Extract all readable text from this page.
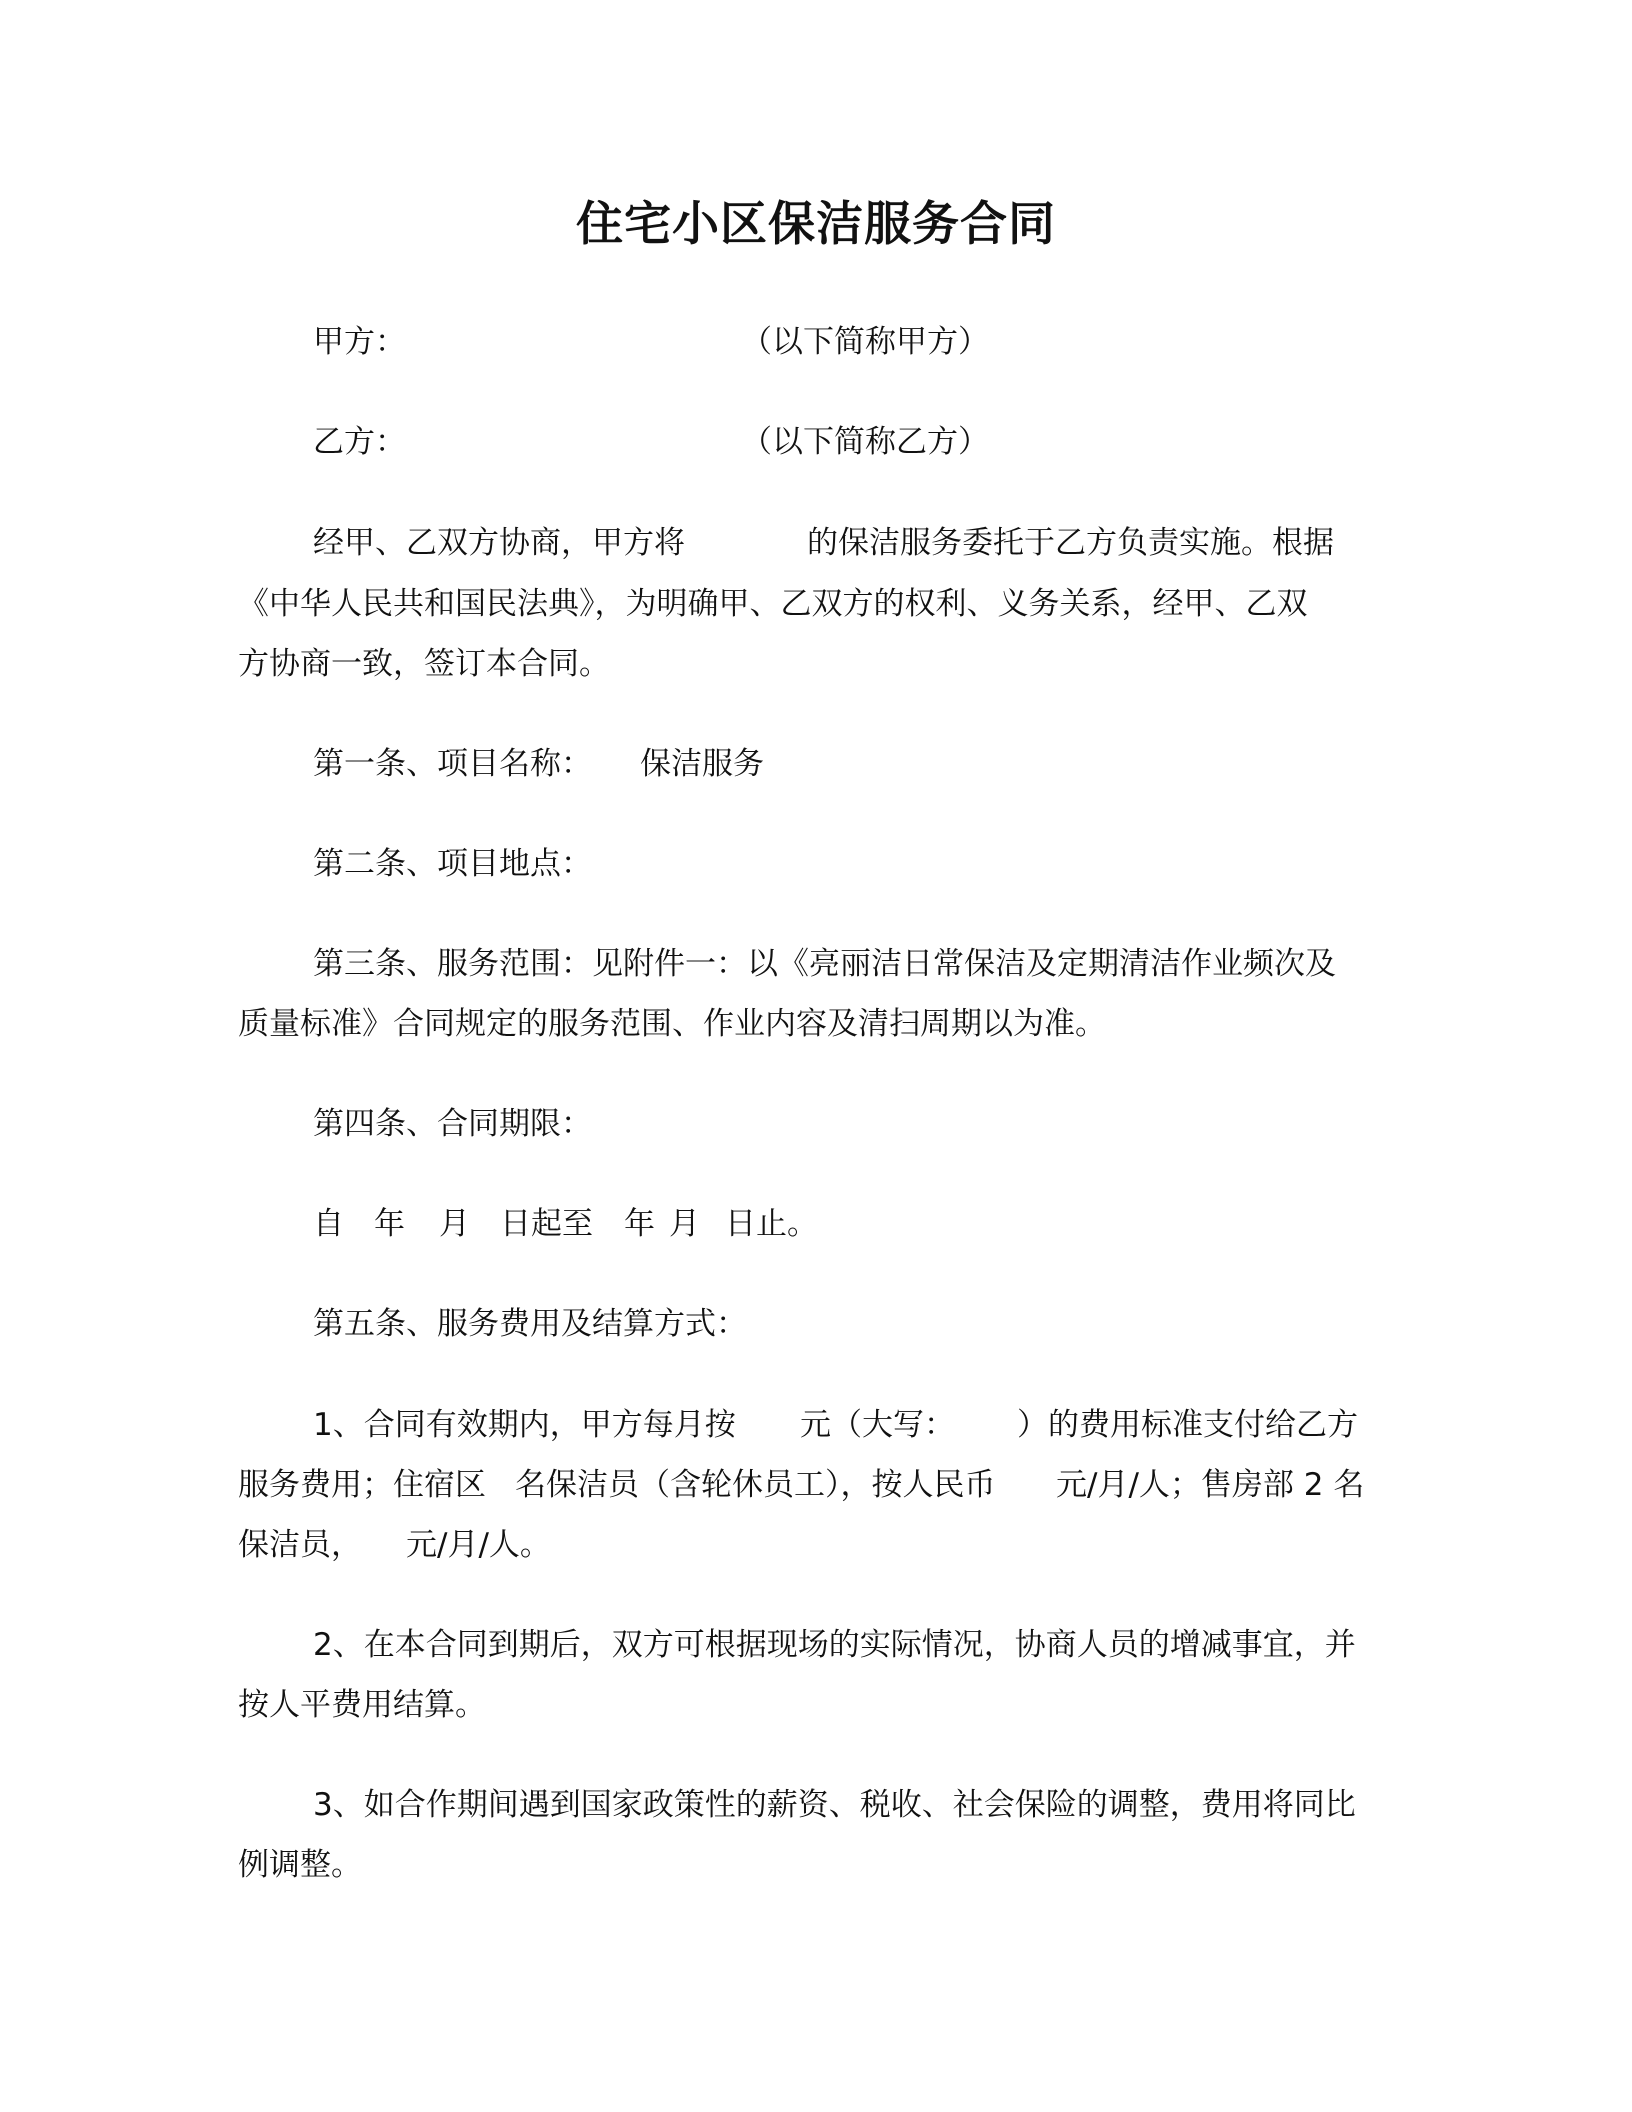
住宅小区保洁服务合同
甲方：	（以下简称甲方）
乙方：	（以下简称乙方）
经甲、乙双方协商，甲方将	的保洁服务委托于乙方负责实施。根据
《中华人民共和国民法典》，为明确甲、乙双方的权利、义务关系，经甲、乙双
方协商一致，签订本合同。
第一条、项目名称： 保洁服务
第二条、项目地点：
第三条、服务范围：见附件一：以《亮丽洁日常保洁及定期清洁作业频次及
质量标准》合同规定的服务范围、作业内容及清扫周期以为准。
第四条、合同期限：
自 年 月 日起至 年 月 日止。
第五条、服务费用及结算方式：
1、合同有效期内，甲方每月按 元（大写： ）的费用标准支付给乙方
服务费用；住宿区 名保洁员（含轮休员工），按人民币 元/月/人；售房部 2 名
保洁员， 元/月/人。
2、在本合同到期后，双方可根据现场的实际情况，协商人员的增减事宜，并
按人平费用结算。
3、如合作期间遇到国家政策性的薪资、税收、社会保险的调整，费用将同比
例调整。
